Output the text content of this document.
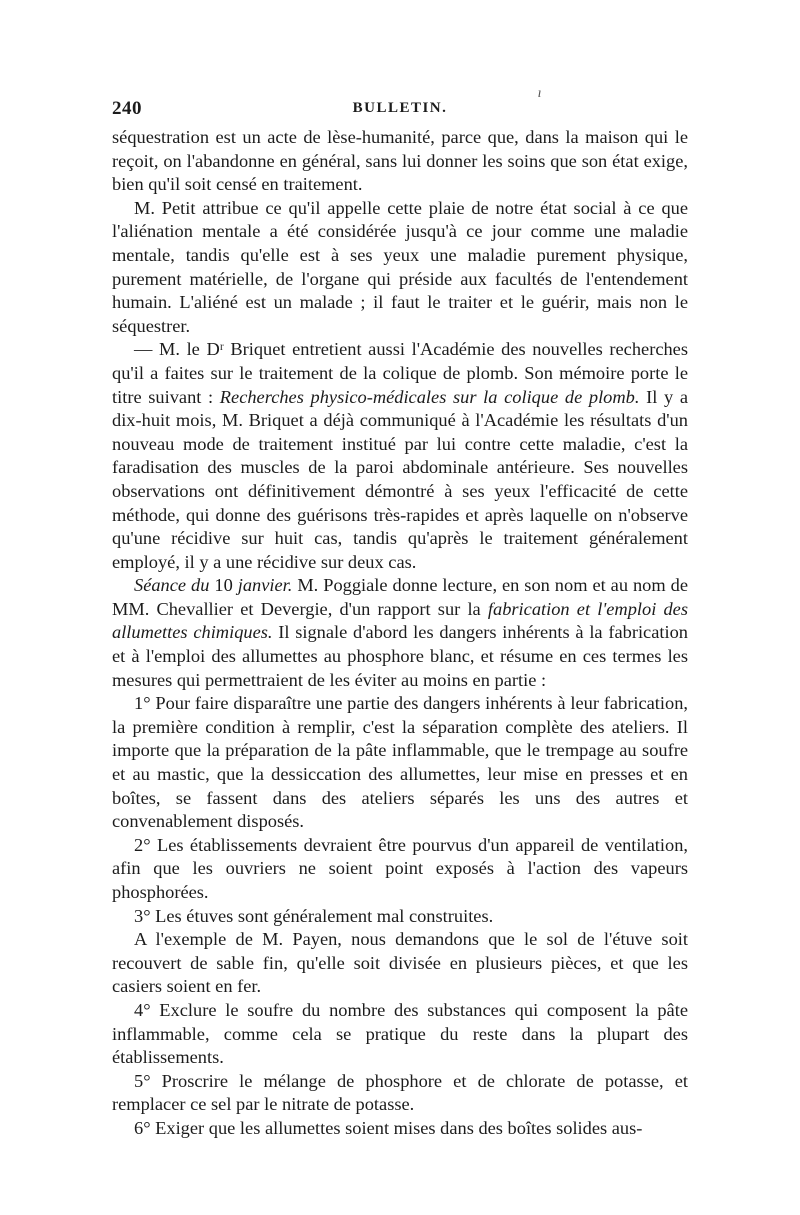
240	BULLETIN.
ı

séquestration est un acte de lèse-humanité, parce que, dans la maison qui le reçoit, on l'abandonne en général, sans lui donner les soins que son état exige, bien qu'il soit censé en traitement.

M. Petit attribue ce qu'il appelle cette plaie de notre état social à ce que l'aliénation mentale a été considérée jusqu'à ce jour comme une maladie mentale, tandis qu'elle est à ses yeux une maladie purement physique, purement matérielle, de l'organe qui préside aux facultés de l'entendement humain. L'aliéné est un malade ; il faut le traiter et le guérir, mais non le séquestrer.

— M. le Dʳ Briquet entretient aussi l'Académie des nouvelles recherches qu'il a faites sur le traitement de la colique de plomb. Son mémoire porte le titre suivant : Recherches physico-médicales sur la colique de plomb. Il y a dix-huit mois, M. Briquet a déjà communiqué à l'Académie les résultats d'un nouveau mode de traitement institué par lui contre cette maladie, c'est la faradisation des muscles de la paroi abdominale antérieure. Ses nouvelles observations ont définitivement démontré à ses yeux l'efficacité de cette méthode, qui donne des guérisons très-rapides et après laquelle on n'observe qu'une récidive sur huit cas, tandis qu'après le traitement généralement employé, il y a une récidive sur deux cas.

Séance du 10 janvier. M. Poggiale donne lecture, en son nom et au nom de MM. Chevallier et Devergie, d'un rapport sur la fabrication et l'emploi des allumettes chimiques. Il signale d'abord les dangers inhérents à la fabrication et à l'emploi des allumettes au phosphore blanc, et résume en ces termes les mesures qui permettraient de les éviter au moins en partie :

1° Pour faire disparaître une partie des dangers inhérents à leur fabrication, la première condition à remplir, c'est la séparation complète des ateliers. Il importe que la préparation de la pâte inflammable, que le trempage au soufre et au mastic, que la dessiccation des allumettes, leur mise en presses et en boîtes, se fassent dans des ateliers séparés les uns des autres et convenablement disposés.

2° Les établissements devraient être pourvus d'un appareil de ventilation, afin que les ouvriers ne soient point exposés à l'action des vapeurs phosphorées.

3° Les étuves sont généralement mal construites.

A l'exemple de M. Payen, nous demandons que le sol de l'étuve soit recouvert de sable fin, qu'elle soit divisée en plusieurs pièces, et que les casiers soient en fer.

4° Exclure le soufre du nombre des substances qui composent la pâte inflammable, comme cela se pratique du reste dans la plupart des établissements.

5° Proscrire le mélange de phosphore et de chlorate de potasse, et remplacer ce sel par le nitrate de potasse.

6° Exiger que les allumettes soient mises dans des boîtes solides aus-
